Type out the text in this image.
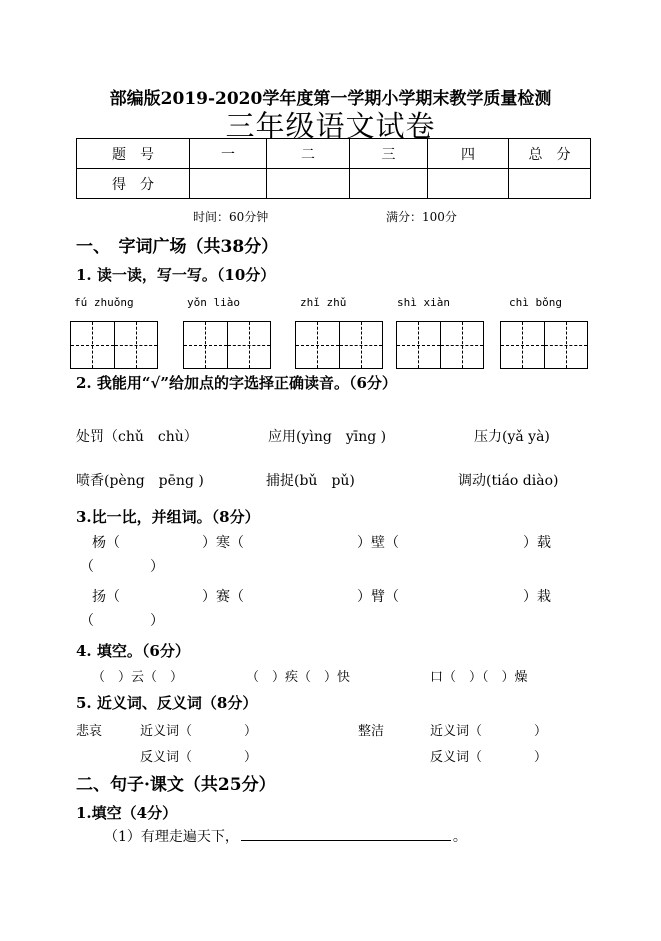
部编版2019-2020学年度第一学期小学期末教学质量检测
三年级语文试卷
题　号	一	二	三	四	总　分
得　分					
时间：60分钟	满分：100分
一、　字词广场（共38分）
1. 读一读，写一写。（10分）
fú zhuǒng	yǒn liào	zhǐ zhǔ	shì xiàn	chì bǒng
2. 我能用“√”给加点的字选择正确读音。（6分）
处罚（chǔ　chù）	应用(yìng　yīng )	压力(yǎ yà)
喷香(pèng　pēng )	捕捉(bǔ　pǔ)	调动(tiáo diào)
3.比一比，并组词。（8分）
杨（	）寒（	）壁（	）载
（　　　　）
扬（	）赛（	）臂（	）栽
（　　　　）
4. 填空。（6分）
（　）云（　）	（　）疾（　）快	口（　）（　）燥
5. 近义词、反义词（8分）
悲哀	近义词（　　　　）	整洁	近义词（　　　　）
反义词（　　　　）	反义词（　　　　）
二、句子·课文（共25分）
1.填空（4分）
（1）有理走遍天下，	。
